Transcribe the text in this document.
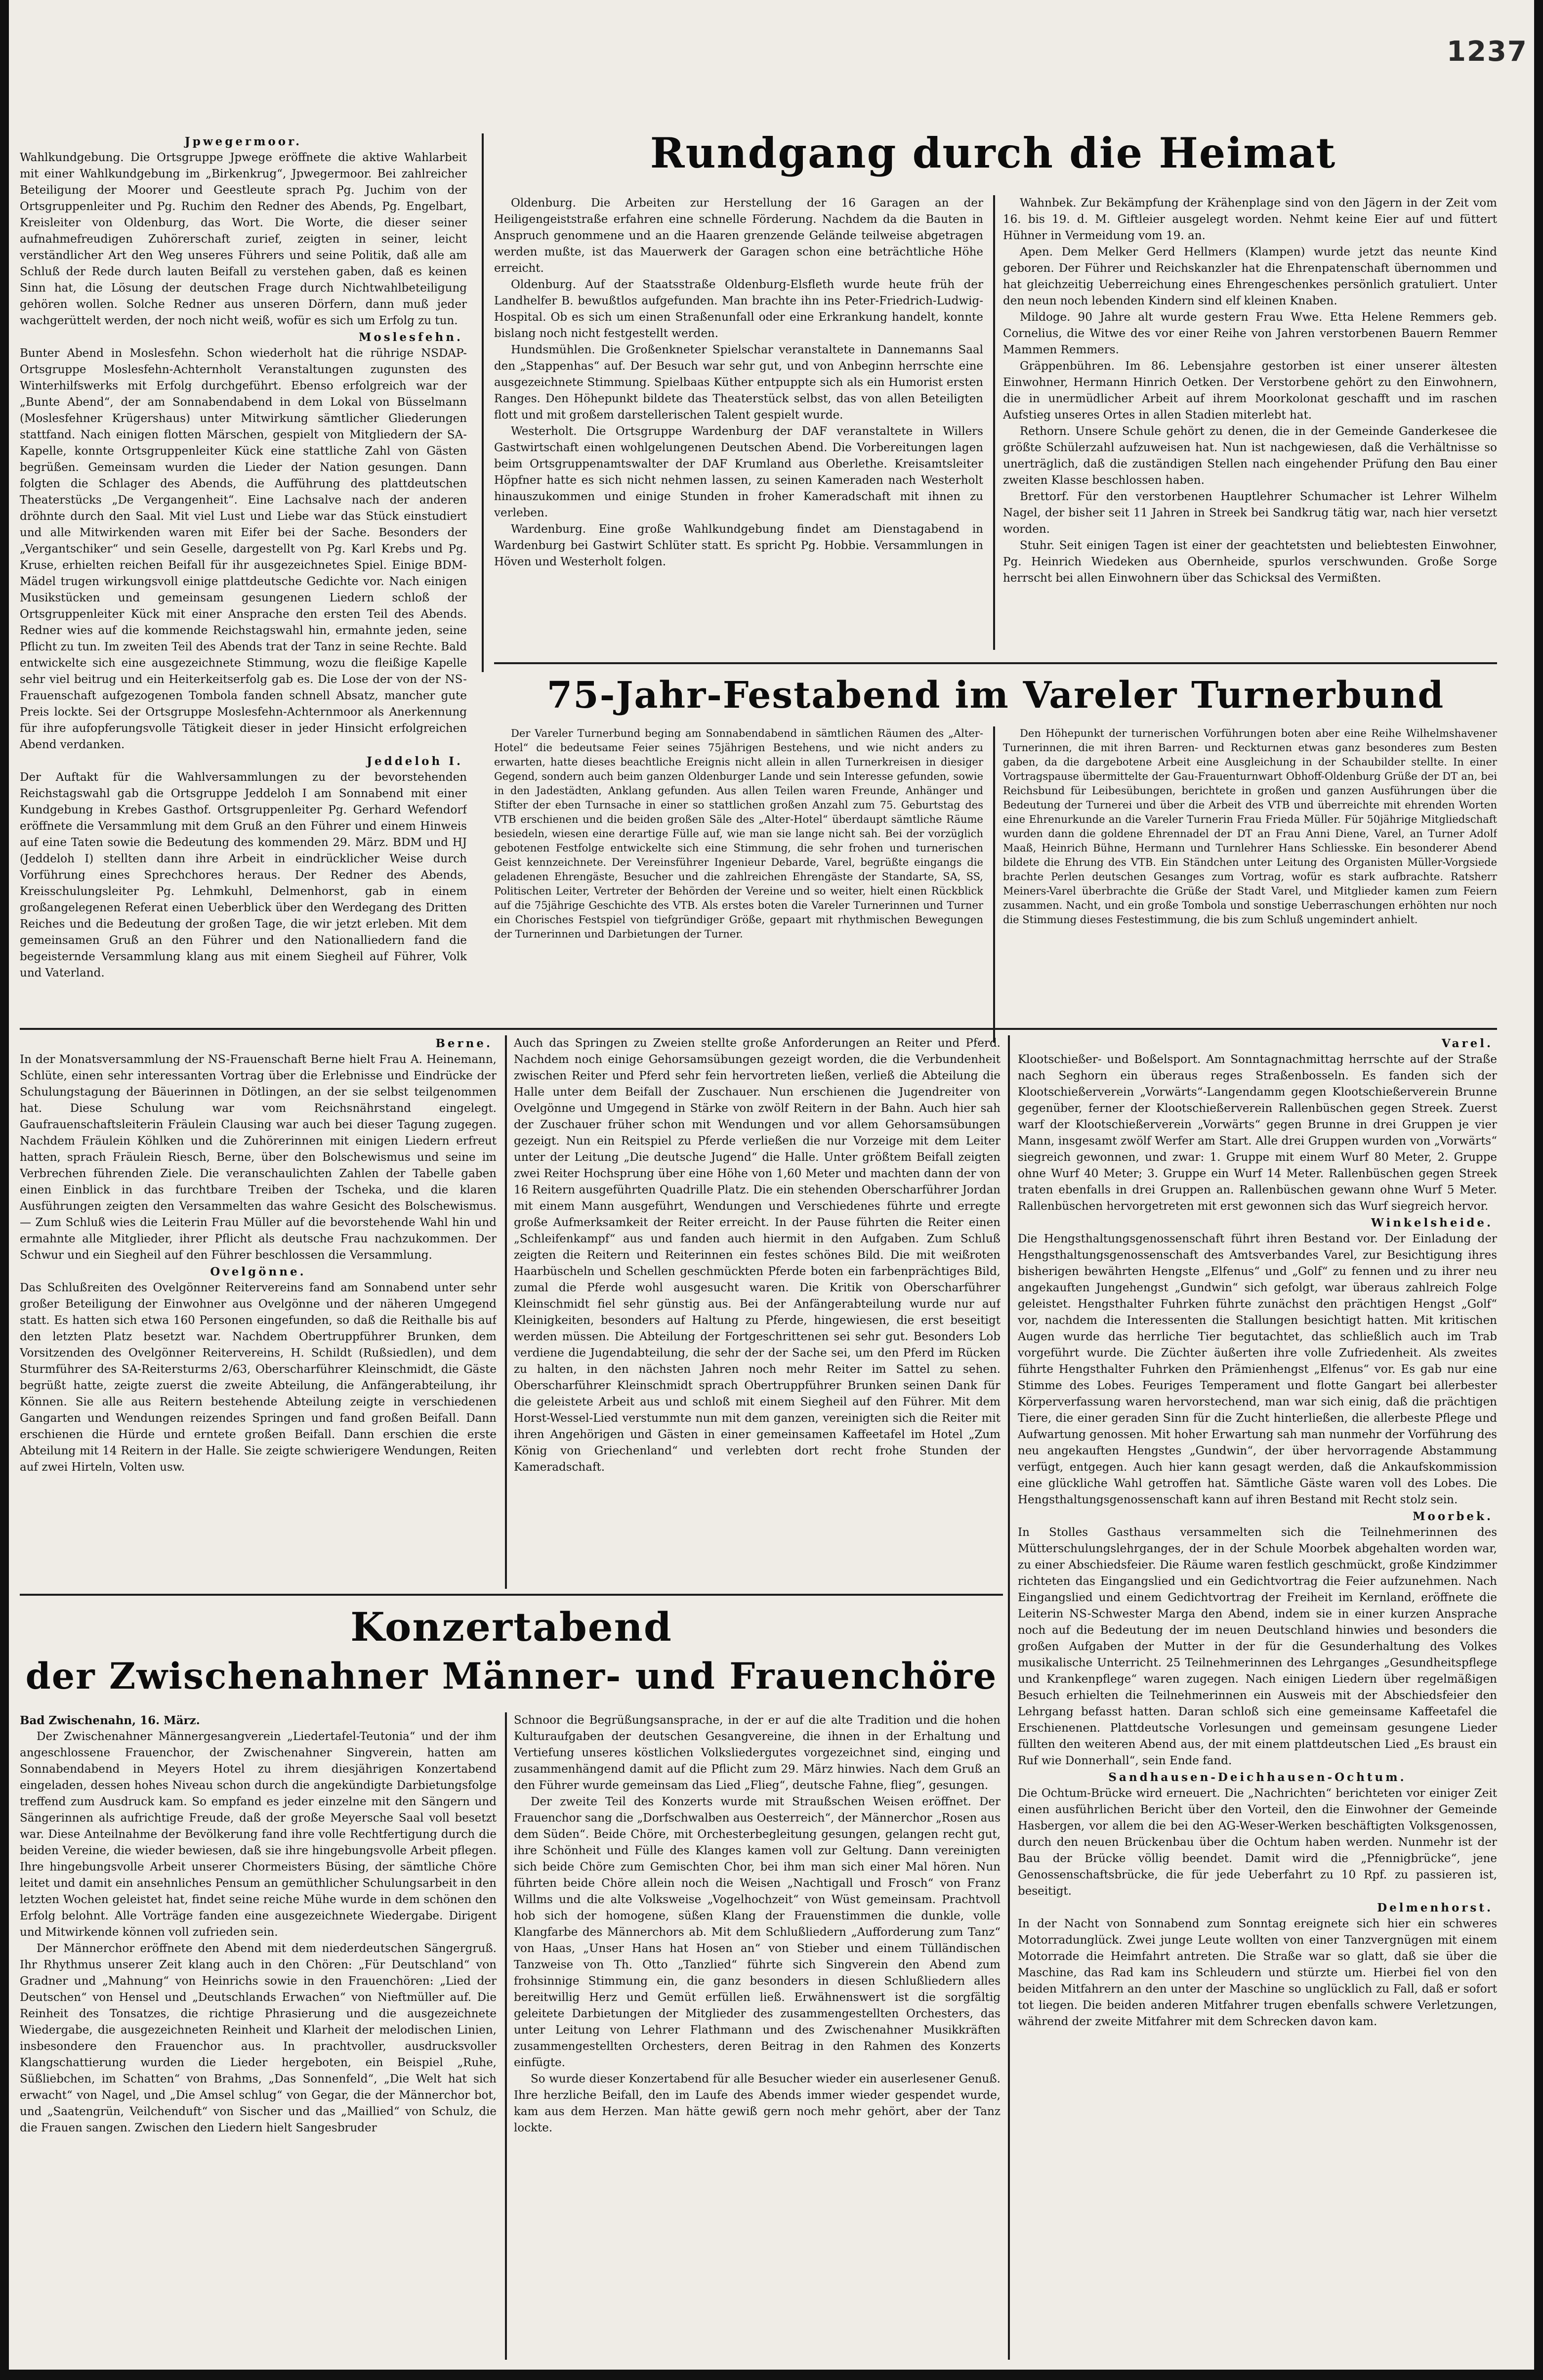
1237

Jpwegermoor.

Wahlkundgebung. Die Ortsgruppe Jpwege eröffnete die aktive Wahlarbeit mit einer Wahlkundgebung im „Birkenkrug“, Jpwegermoor. Bei zahlreicher Beteiligung der Moorer und Geestleute sprach Pg. Juchim von der Ortsgruppenleiter und Pg. Ruchim den Redner des Abends, Pg. Engelbart, Kreisleiter von Oldenburg, das Wort. Die Worte, die dieser seiner aufnahmefreudigen Zuhörerschaft zurief, zeigten in seiner, leicht verständlicher Art den Weg unseres Führers und seine Politik, daß alle am Schluß der Rede durch lauten Beifall zu verstehen gaben, daß es keinen Sinn hat, die Lösung der deutschen Frage durch Nichtwahlbeteiligung gehören wollen. Solche Redner aus unseren Dörfern, dann muß jeder wachgerüttelt werden, der noch nicht weiß, wofür es sich um Erfolg zu tun.

Moslesfehn.

Bunter Abend in Moslesfehn. Schon wiederholt hat die rührige NSDAP-Ortsgruppe Moslesfehn-Achternholt Veranstaltungen zugunsten des Winterhilfswerks mit Erfolg durchgeführt. Ebenso erfolgreich war der „Bunte Abend“, der am Sonnabendabend in dem Lokal von Büsselmann (Moslesfehner Krügershaus) unter Mitwirkung sämtlicher Gliederungen stattfand. Nach einigen flotten Märschen, gespielt von Mitgliedern der SA-Kapelle, konnte Ortsgruppenleiter Kück eine stattliche Zahl von Gästen begrüßen. Gemeinsam wurden die Lieder der Nation gesungen. Dann folgten die Schlager des Abends, die Aufführung des plattdeutschen Theaterstücks „De Vergangenheit“. Eine Lachsalve nach der anderen dröhnte durch den Saal. Mit viel Lust und Liebe war das Stück einstudiert und alle Mitwirkenden waren mit Eifer bei der Sache. Besonders der „Vergantschiker“ und sein Geselle, dargestellt von Pg. Karl Krebs und Pg. Kruse, erhielten reichen Beifall für ihr ausgezeichnetes Spiel. Einige BDM-Mädel trugen wirkungsvoll einige plattdeutsche Gedichte vor. Nach einigen Musikstücken und gemeinsam gesungenen Liedern schloß der Ortsgruppenleiter Kück mit einer Ansprache den ersten Teil des Abends. Redner wies auf die kommende Reichstagswahl hin, ermahnte jeden, seine Pflicht zu tun. Im zweiten Teil des Abends trat der Tanz in seine Rechte. Bald entwickelte sich eine ausgezeichnete Stimmung, wozu die fleißige Kapelle sehr viel beitrug und ein Heiterkeitserfolg gab es. Die Lose der von der NS-Frauenschaft aufgezogenen Tombola fanden schnell Absatz, mancher gute Preis lockte. Sei der Ortsgruppe Moslesfehn-Achternmoor als Anerkennung für ihre aufopferungsvolle Tätigkeit dieser in jeder Hinsicht erfolgreichen Abend verdanken.

Jeddeloh I.

Der Auftakt für die Wahlversammlungen zu der bevorstehenden Reichstagswahl gab die Ortsgruppe Jeddeloh I am Sonnabend mit einer Kundgebung in Krebes Gasthof. Ortsgruppenleiter Pg. Gerhard Wefendorf eröffnete die Versammlung mit dem Gruß an den Führer und einem Hinweis auf eine Taten sowie die Bedeutung des kommenden 29. März. BDM und HJ (Jeddeloh I) stellten dann ihre Arbeit in eindrücklicher Weise durch Vorführung eines Sprechchores heraus. Der Redner des Abends, Kreisschulungsleiter Pg. Lehmkuhl, Delmenhorst, gab in einem großangelegenen Referat einen Ueberblick über den Werdegang des Dritten Reiches und die Bedeutung der großen Tage, die wir jetzt erleben. Mit dem gemeinsamen Gruß an den Führer und den Nationalliedern fand die begeisternde Versammlung klang aus mit einem Siegheil auf Führer, Volk und Vaterland.

Rundgang durch die Heimat

Oldenburg. Die Arbeiten zur Herstellung der 16 Garagen an der Heiligengeiststraße erfahren eine schnelle Förderung. Nachdem da die Bauten in Anspruch genommene und an die Haaren grenzende Gelände teilweise abgetragen werden mußte, ist das Mauerwerk der Garagen schon eine beträchtliche Höhe erreicht.

Oldenburg. Auf der Staatsstraße Oldenburg-Elsfleth wurde heute früh der Landhelfer B. bewußtlos aufgefunden. Man brachte ihn ins Peter-Friedrich-Ludwig-Hospital. Ob es sich um einen Straßenunfall oder eine Erkrankung handelt, konnte bislang noch nicht festgestellt werden.

Hundsmühlen. Die Großenkneter Spielschar veranstaltete in Dannemanns Saal den „Stappenhas“ auf. Der Besuch war sehr gut, und von Anbeginn herrschte eine ausgezeichnete Stimmung. Spielbaas Küther entpuppte sich als ein Humorist ersten Ranges. Den Höhepunkt bildete das Theaterstück selbst, das von allen Beteiligten flott und mit großem darstellerischen Talent gespielt wurde.

Westerholt. Die Ortsgruppe Wardenburg der DAF veranstaltete in Willers Gastwirtschaft einen wohlgelungenen Deutschen Abend. Die Vorbereitungen lagen beim Ortsgruppenamtswalter der DAF Krumland aus Oberlethe. Kreisamtsleiter Höpfner hatte es sich nicht nehmen lassen, zu seinen Kameraden nach Westerholt hinauszukommen und einige Stunden in froher Kameradschaft mit ihnen zu verleben.

Wardenburg. Eine große Wahlkundgebung findet am Dienstagabend in Wardenburg bei Gastwirt Schlüter statt. Es spricht Pg. Hobbie. Versammlungen in Höven und Westerholt folgen.

Wahnbek. Zur Bekämpfung der Krähenplage sind von den Jägern in der Zeit vom 16. bis 19. d. M. Giftleier ausgelegt worden. Nehmt keine Eier auf und füttert Hühner in Vermeidung vom 19. an.

Apen. Dem Melker Gerd Hellmers (Klampen) wurde jetzt das neunte Kind geboren. Der Führer und Reichskanzler hat die Ehrenpatenschaft übernommen und hat gleichzeitig Ueberreichung eines Ehrengeschenkes persönlich gratuliert. Unter den neun noch lebenden Kindern sind elf kleinen Knaben.

Mildoge. 90 Jahre alt wurde gestern Frau Wwe. Etta Helene Remmers geb. Cornelius, die Witwe des vor einer Reihe von Jahren verstorbenen Bauern Remmer Mammen Remmers.

Gräppenbühren. Im 86. Lebensjahre gestorben ist einer unserer ältesten Einwohner, Hermann Hinrich Oetken. Der Verstorbene gehört zu den Einwohnern, die in unermüdlicher Arbeit auf ihrem Moorkolonat geschafft und im raschen Aufstieg unseres Ortes in allen Stadien miterlebt hat.

Rethorn. Unsere Schule gehört zu denen, die in der Gemeinde Ganderkesee die größte Schülerzahl aufzuweisen hat. Nun ist nachgewiesen, daß die Verhältnisse so unerträglich, daß die zuständigen Stellen nach eingehender Prüfung den Bau einer zweiten Klasse beschlossen haben.

Brettorf. Für den verstorbenen Hauptlehrer Schumacher ist Lehrer Wilhelm Nagel, der bisher seit 11 Jahren in Streek bei Sandkrug tätig war, nach hier versetzt worden.

Stuhr. Seit einigen Tagen ist einer der geachtetsten und beliebtesten Einwohner, Pg. Heinrich Wiedeken aus Obernheide, spurlos verschwunden. Große Sorge herrscht bei allen Einwohnern über das Schicksal des Vermißten.

75-Jahr-Festabend im Vareler Turnerbund

Der Vareler Turnerbund beging am Sonnabendabend in sämtlichen Räumen des „Alter-Hotel“ die bedeutsame Feier seines 75jährigen Bestehens, und wie nicht anders zu erwarten, hatte dieses beachtliche Ereignis nicht allein in allen Turnerkreisen in diesiger Gegend, sondern auch beim ganzen Oldenburger Lande und sein Interesse gefunden, sowie in den Jadestädten, Anklang gefunden. Aus allen Teilen waren Freunde, Anhänger und Stifter der eben Turnsache in einer so stattlichen großen Anzahl zum 75. Geburtstag des VTB erschienen und die beiden großen Säle des „Alter-Hotel“ überdaupt sämtliche Räume besiedeln, wiesen eine derartige Fülle auf, wie man sie lange nicht sah. Bei der vorzüglich gebotenen Festfolge entwickelte sich eine Stimmung, die sehr frohen und turnerischen Geist kennzeichnete. Der Vereinsführer Ingenieur Debarde, Varel, begrüßte eingangs die geladenen Ehrengäste, Besucher und die zahlreichen Ehrengäste der Standarte, SA, SS, Politischen Leiter, Vertreter der Behörden der Vereine und so weiter, hielt einen Rückblick auf die 75jährige Geschichte des VTB. Als erstes boten die Vareler Turnerinnen und Turner ein Chorisches Festspiel von tiefgründiger Größe, gepaart mit rhythmischen Bewegungen der Turnerinnen und Darbietungen der Turner.

Den Höhepunkt der turnerischen Vorführungen boten aber eine Reihe Wilhelmshavener Turnerinnen, die mit ihren Barren- und Reckturnen etwas ganz besonderes zum Besten gaben, da die dargebotene Arbeit eine Ausgleichung in der Schaubilder stellte. In einer Vortragspause übermittelte der Gau-Frauenturnwart Obhoff-Oldenburg Grüße der DT an, bei Reichsbund für Leibesübungen, berichtete in großen und ganzen Ausführungen über die Bedeutung der Turnerei und über die Arbeit des VTB und überreichte mit ehrenden Worten eine Ehrenurkunde an die Vareler Turnerin Frau Frieda Müller. Für 50jährige Mitgliedschaft wurden dann die goldene Ehrennadel der DT an Frau Anni Diene, Varel, an Turner Adolf Maaß, Heinrich Bühne, Hermann und Turnlehrer Hans Schliesske. Ein besonderer Abend bildete die Ehrung des VTB. Ein Ständchen unter Leitung des Organisten Müller-Vorgsiede brachte Perlen deutschen Gesanges zum Vortrag, wofür es stark aufbrachte. Ratsherr Meiners-Varel überbrachte die Grüße der Stadt Varel, und Mitglieder kamen zum Feiern zusammen. Nacht, und ein große Tombola und sonstige Ueberraschungen erhöhten nur noch die Stimmung dieses Festestimmung, die bis zum Schluß ungemindert anhielt.

Berne.

In der Monatsversammlung der NS-Frauenschaft Berne hielt Frau A. Heinemann, Schlüte, einen sehr interessanten Vortrag über die Erlebnisse und Eindrücke der Schulungstagung der Bäuerinnen in Dötlingen, an der sie selbst teilgenommen hat. Diese Schulung war vom Reichsnährstand eingelegt. Gaufrauenschaftsleiterin Fräulein Clausing war auch bei dieser Tagung zugegen. Nachdem Fräulein Köhlken und die Zuhörerinnen mit einigen Liedern erfreut hatten, sprach Fräulein Riesch, Berne, über den Bolschewismus und seine im Verbrechen führenden Ziele. Die veranschaulichten Zahlen der Tabelle gaben einen Einblick in das furchtbare Treiben der Tscheka, und die klaren Ausführungen zeigten den Versammelten das wahre Gesicht des Bolschewismus. — Zum Schluß wies die Leiterin Frau Müller auf die bevorstehende Wahl hin und ermahnte alle Mitglieder, ihrer Pflicht als deutsche Frau nachzukommen. Der Schwur und ein Siegheil auf den Führer beschlossen die Versammlung.

Ovelgönne.

Das Schlußreiten des Ovelgönner Reitervereins fand am Sonnabend unter sehr großer Beteiligung der Einwohner aus Ovelgönne und der näheren Umgegend statt. Es hatten sich etwa 160 Personen eingefunden, so daß die Reithalle bis auf den letzten Platz besetzt war. Nachdem Obertruppführer Brunken, dem Vorsitzenden des Ovelgönner Reitervereins, H. Schildt (Rußsiedlen), und dem Sturmführer des SA-Reitersturms 2/63, Oberscharführer Kleinschmidt, die Gäste begrüßt hatte, zeigte zuerst die zweite Abteilung, die Anfängerabteilung, ihr Können. Sie alle aus Reitern bestehende Abteilung zeigte in verschiedenen Gangarten und Wendungen reizendes Springen und fand großen Beifall. Dann erschienen die Hürde und erntete großen Beifall. Dann erschien die erste Abteilung mit 14 Reitern in der Halle. Sie zeigte schwierigere Wendungen, Reiten auf zwei Hirteln, Volten usw.

Auch das Springen zu Zweien stellte große Anforderungen an Reiter und Pferd. Nachdem noch einige Gehorsamsübungen gezeigt worden, die die Verbundenheit zwischen Reiter und Pferd sehr fein hervortreten ließen, verließ die Abteilung die Halle unter dem Beifall der Zuschauer. Nun erschienen die Jugendreiter von Ovelgönne und Umgegend in Stärke von zwölf Reitern in der Bahn. Auch hier sah der Zuschauer früher schon mit Wendungen und vor allem Gehorsamsübungen gezeigt. Nun ein Reitspiel zu Pferde verließen die nur Vorzeige mit dem Leiter unter der Leitung „Die deutsche Jugend“ die Halle. Unter größtem Beifall zeigten zwei Reiter Hochsprung über eine Höhe von 1,60 Meter und machten dann der von 16 Reitern ausgeführten Quadrille Platz. Die ein stehenden Oberscharführer Jordan mit einem Mann ausgeführt, Wendungen und Verschiedenes führte und erregte große Aufmerksamkeit der Reiter erreicht. In der Pause führten die Reiter einen „Schleifenkampf“ aus und fanden auch hiermit in den Aufgaben. Zum Schluß zeigten die Reitern und Reiterinnen ein festes schönes Bild. Die mit weißroten Haarbüscheln und Schellen geschmückten Pferde boten ein farbenprächtiges Bild, zumal die Pferde wohl ausgesucht waren. Die Kritik von Oberscharführer Kleinschmidt fiel sehr günstig aus. Bei der Anfängerabteilung wurde nur auf Kleinigkeiten, besonders auf Haltung zu Pferde, hingewiesen, die erst beseitigt werden müssen. Die Abteilung der Fortgeschrittenen sei sehr gut. Besonders Lob verdiene die Jugendabteilung, die sehr der der Sache sei, um den Pferd im Rücken zu halten, in den nächsten Jahren noch mehr Reiter im Sattel zu sehen. Oberscharführer Kleinschmidt sprach Obertruppführer Brunken seinen Dank für die geleistete Arbeit aus und schloß mit einem Siegheil auf den Führer. Mit dem Horst-Wessel-Lied verstummte nun mit dem ganzen, vereinigten sich die Reiter mit ihren Angehörigen und Gästen in einer gemeinsamen Kaffeetafel im Hotel „Zum König von Griechenland“ und verlebten dort recht frohe Stunden der Kameradschaft.

Varel.

Klootschießer- und Boßelsport. Am Sonntagnachmittag herrschte auf der Straße nach Seghorn ein überaus reges Straßenbosseln. Es fanden sich der Klootschießerverein „Vorwärts“-Langendamm gegen Klootschießerverein Brunne gegenüber, ferner der Klootschießerverein Rallenbüschen gegen Streek. Zuerst warf der Klootschießerverein „Vorwärts“ gegen Brunne in drei Gruppen je vier Mann, insgesamt zwölf Werfer am Start. Alle drei Gruppen wurden von „Vorwärts“ siegreich gewonnen, und zwar: 1. Gruppe mit einem Wurf 80 Meter, 2. Gruppe ohne Wurf 40 Meter; 3. Gruppe ein Wurf 14 Meter. Rallenbüschen gegen Streek traten ebenfalls in drei Gruppen an. Rallenbüschen gewann ohne Wurf 5 Meter. Rallenbüschen hervorgetreten mit erst gewonnen sich das Wurf siegreich hervor.

Winkelsheide.

Die Hengsthaltungsgenossenschaft führt ihren Bestand vor. Der Einladung der Hengsthaltungsgenossenschaft des Amtsverbandes Varel, zur Besichtigung ihres bisherigen bewährten Hengste „Elfenus“ und „Golf“ zu fennen und zu ihrer neu angekauften Jungehengst „Gundwin“ sich gefolgt, war überaus zahlreich Folge geleistet. Hengsthalter Fuhrken führte zunächst den prächtigen Hengst „Golf“ vor, nachdem die Interessenten die Stallungen besichtigt hatten. Mit kritischen Augen wurde das herrliche Tier begutachtet, das schließlich auch im Trab vorgeführt wurde. Die Züchter äußerten ihre volle Zufriedenheit. Als zweites führte Hengsthalter Fuhrken den Prämienhengst „Elfenus“ vor. Es gab nur eine Stimme des Lobes. Feuriges Temperament und flotte Gangart bei allerbester Körperverfassung waren hervorstechend, man war sich einig, daß die prächtigen Tiere, die einer geraden Sinn für die Zucht hinterließen, die allerbeste Pflege und Aufwartung genossen. Mit hoher Erwartung sah man nunmehr der Vorführung des neu angekauften Hengstes „Gundwin“, der über hervorragende Abstammung verfügt, entgegen. Auch hier kann gesagt werden, daß die Ankaufskommission eine glückliche Wahl getroffen hat. Sämtliche Gäste waren voll des Lobes. Die Hengsthaltungsgenossenschaft kann auf ihren Bestand mit Recht stolz sein.

Moorbek.

In Stolles Gasthaus versammelten sich die Teilnehmerinnen des Mütterschulungslehrganges, der in der Schule Moorbek abgehalten worden war, zu einer Abschiedsfeier. Die Räume waren festlich geschmückt, große Kindzimmer richteten das Eingangslied und ein Gedichtvortrag die Feier aufzunehmen. Nach Eingangslied und einem Gedichtvortrag der Freiheit im Kernland, eröffnete die Leiterin NS-Schwester Marga den Abend, indem sie in einer kurzen Ansprache noch auf die Bedeutung der im neuen Deutschland hinwies und besonders die großen Aufgaben der Mutter in der für die Gesunderhaltung des Volkes musikalische Unterricht. 25 Teilnehmerinnen des Lehrganges „Gesundheitspflege und Krankenpflege“ waren zugegen. Nach einigen Liedern über regelmäßigen Besuch erhielten die Teilnehmerinnen ein Ausweis mit der Abschiedsfeier den Lehrgang befasst hatten. Daran schloß sich eine gemeinsame Kaffeetafel die Erschienenen. Plattdeutsche Vorlesungen und gemeinsam gesungene Lieder füllten den weiteren Abend aus, der mit einem plattdeutschen Lied „Es braust ein Ruf wie Donnerhall“, sein Ende fand.

Sandhausen-Deichhausen-Ochtum.

Die Ochtum-Brücke wird erneuert. Die „Nachrichten“ berichteten vor einiger Zeit einen ausführlichen Bericht über den Vorteil, den die Einwohner der Gemeinde Hasbergen, vor allem die bei den AG-Weser-Werken beschäftigten Volksgenossen, durch den neuen Brückenbau über die Ochtum haben werden. Nunmehr ist der Bau der Brücke völlig beendet. Damit wird die „Pfennigbrücke“, jene Genossenschaftsbrücke, die für jede Ueberfahrt zu 10 Rpf. zu passieren ist, beseitigt.

Delmenhorst.

In der Nacht von Sonnabend zum Sonntag ereignete sich hier ein schweres Motorradunglück. Zwei junge Leute wollten von einer Tanzvergnügen mit einem Motorrade die Heimfahrt antreten. Die Straße war so glatt, daß sie über die Maschine, das Rad kam ins Schleudern und stürzte um. Hierbei fiel von den beiden Mitfahrern an den unter der Maschine so unglücklich zu Fall, daß er sofort tot liegen. Die beiden anderen Mitfahrer trugen ebenfalls schwere Verletzungen, während der zweite Mitfahrer mit dem Schrecken davon kam.

Konzertabend
der Zwischenahner Männer- und Frauenchöre

Bad Zwischenahn, 16. März.

Der Zwischenahner Männergesangverein „Liedertafel-Teutonia“ und der ihm angeschlossene Frauenchor, der Zwischenahner Singverein, hatten am Sonnabendabend in Meyers Hotel zu ihrem diesjährigen Konzertabend eingeladen, dessen hohes Niveau schon durch die angekündigte Darbietungsfolge treffend zum Ausdruck kam. So empfand es jeder einzelne mit den Sängern und Sängerinnen als aufrichtige Freude, daß der große Meyersche Saal voll besetzt war. Diese Anteilnahme der Bevölkerung fand ihre volle Rechtfertigung durch die beiden Vereine, die wieder bewiesen, daß sie ihre hingebungsvolle Arbeit pflegen. Ihre hingebungsvolle Arbeit unserer Chormeisters Büsing, der sämtliche Chöre leitet und damit ein ansehnliches Pensum an gemüthlicher Schulungsarbeit in den letzten Wochen geleistet hat, findet seine reiche Mühe wurde in dem schönen den Erfolg belohnt. Alle Vorträge fanden eine ausgezeichnete Wiedergabe. Dirigent und Mitwirkende können voll zufrieden sein.

Der Männerchor eröffnete den Abend mit dem niederdeutschen Sängergruß. Ihr Rhythmus unserer Zeit klang auch in den Chören: „Für Deutschland“ von Gradner und „Mahnung“ von Heinrichs sowie in den Frauenchören: „Lied der Deutschen“ von Hensel und „Deutschlands Erwachen“ von Nieftmüller auf. Die Reinheit des Tonsatzes, die richtige Phrasierung und die ausgezeichnete Wiedergabe, die ausgezeichneten Reinheit und Klarheit der melodischen Linien, insbesondere den Frauenchor aus. In prachtvoller, ausdrucksvoller Klangschattierung wurden die Lieder hergeboten, ein Beispiel „Ruhe, Süßliebchen, im Schatten“ von Brahms, „Das Sonnenfeld“, „Die Welt hat sich erwacht“ von Nagel, und „Die Amsel schlug“ von Gegar, die der Männerchor bot, und „Saatengrün, Veilchenduft“ von Sischer und das „Maillied“ von Schulz, die die Frauen sangen. Zwischen den Liedern hielt Sangesbruder

Schnoor die Begrüßungsansprache, in der er auf die alte Tradition und die hohen Kulturaufgaben der deutschen Gesangvereine, die ihnen in der Erhaltung und Vertiefung unseres köstlichen Volksliedergutes vorgezeichnet sind, einging und zusammenhängend damit auf die Pflicht zum 29. März hinwies. Nach dem Gruß an den Führer wurde gemeinsam das Lied „Flieg“, deutsche Fahne, flieg“, gesungen.

Der zweite Teil des Konzerts wurde mit Straußschen Weisen eröffnet. Der Frauenchor sang die „Dorfschwalben aus Oesterreich“, der Männerchor „Rosen aus dem Süden“. Beide Chöre, mit Orchesterbegleitung gesungen, gelangen recht gut, ihre Schönheit und Fülle des Klanges kamen voll zur Geltung. Dann vereinigten sich beide Chöre zum Gemischten Chor, bei ihm man sich einer Mal hören. Nun führten beide Chöre allein noch die Weisen „Nachtigall und Frosch“ von Franz Willms und die alte Volksweise „Vogelhochzeit“ von Wüst gemeinsam. Prachtvoll hob sich der homogene, süßen Klang der Frauenstimmen die dunkle, volle Klangfarbe des Männerchors ab. Mit dem Schlußliedern „Aufforderung zum Tanz“ von Haas, „Unser Hans hat Hosen an“ von Stieber und einem Tülländischen Tanzweise von Th. Otto „Tanzlied“ führte sich Singverein den Abend zum frohsinnige Stimmung ein, die ganz besonders in diesen Schlußliedern alles bereitwillig Herz und Gemüt erfüllen ließ. Erwähnenswert ist die sorgfältig geleitete Darbietungen der Mitglieder des zusammengestellten Orchesters, das unter Leitung von Lehrer Flathmann und des Zwischenahner Musikkräften zusammengestellten Orchesters, deren Beitrag in den Rahmen des Konzerts einfügte.

So wurde dieser Konzertabend für alle Besucher wieder ein auserlesener Genuß. Ihre herzliche Beifall, den im Laufe des Abends immer wieder gespendet wurde, kam aus dem Herzen. Man hätte gewiß gern noch mehr gehört, aber der Tanz lockte.
